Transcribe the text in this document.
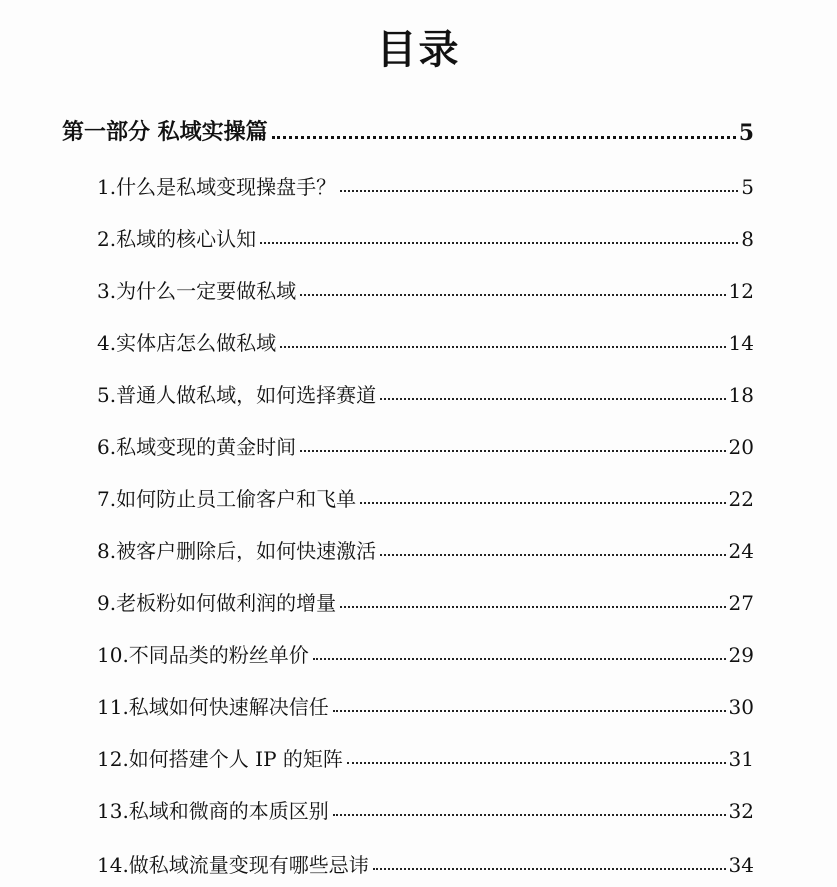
目录
第一部分 私域实操篇	5
1.什么是私域变现操盘手？	5
2.私域的核心认知	8
3.为什么一定要做私域	12
4.实体店怎么做私域	14
5.普通人做私域，如何选择赛道	18
6.私域变现的黄金时间	20
7.如何防止员工偷客户和飞单	22
8.被客户删除后，如何快速激活	24
9.老板粉如何做利润的增量	27
10.不同品类的粉丝单价	29
11.私域如何快速解决信任	30
12.如何搭建个人 IP 的矩阵	31
13.私域和微商的本质区别	32
14.做私域流量变现有哪些忌讳	34
